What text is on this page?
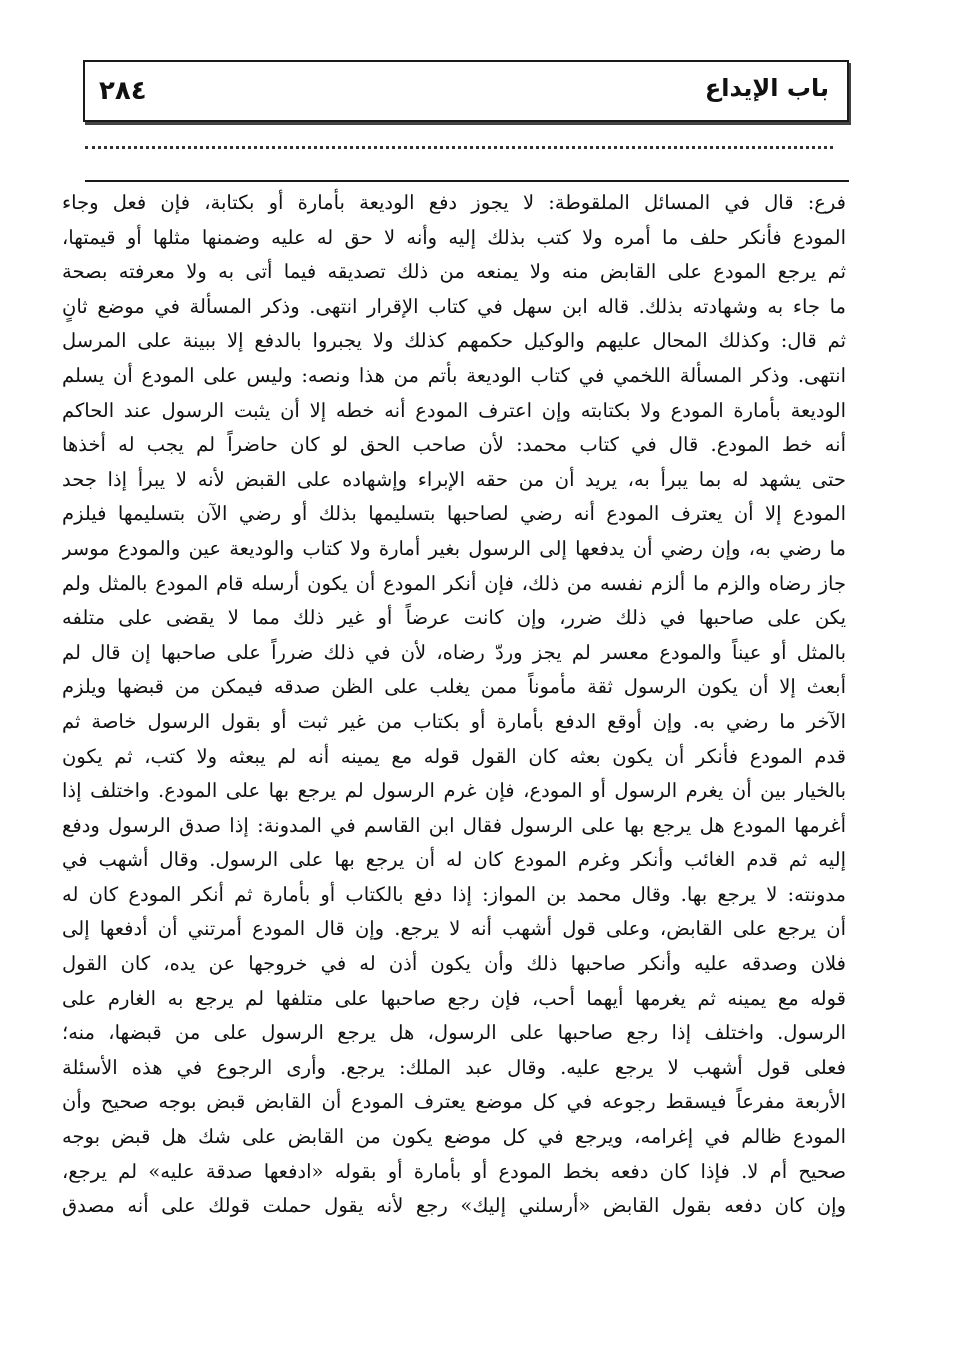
٢٨٤	باب الإيداع
فرع: قال في المسائل الملقوطة: لا يجوز دفع الوديعة بأمارة أو بكتابة، فإن فعل وجاء
المودع فأنكر حلف ما أمره ولا كتب بذلك إليه وأنه لا حق له عليه وضمنها مثلها أو قيمتها،
ثم يرجع المودع على القابض منه ولا يمنعه من ذلك تصديقه فيما أتى به ولا معرفته بصحة
ما جاء به وشهادته بذلك. قاله ابن سهل في كتاب الإقرار انتهى. وذكر المسألة في موضع ثانٍ
ثم قال: وكذلك المحال عليهم والوكيل حكمهم كذلك ولا يجبروا بالدفع إلا ببينة على المرسل
انتهى. وذكر المسألة اللخمي في كتاب الوديعة بأتم من هذا ونصه: وليس على المودع أن يسلم
الوديعة بأمارة المودع ولا بكتابته وإن اعترف المودع أنه خطه إلا أن يثبت الرسول عند الحاكم
أنه خط المودع. قال في كتاب محمد: لأن صاحب الحق لو كان حاضراً لم يجب له أخذها
حتى يشهد له بما يبرأ به، يريد أن من حقه الإبراء وإشهاده على القبض لأنه لا يبرأ إذا جحد
المودع إلا أن يعترف المودع أنه رضي لصاحبها بتسليمها بذلك أو رضي الآن بتسليمها فيلزم
ما رضي به، وإن رضي أن يدفعها إلى الرسول بغير أمارة ولا كتاب والوديعة عين والمودع موسر
جاز رضاه والزم ما ألزم نفسه من ذلك، فإن أنكر المودع أن يكون أرسله قام المودع بالمثل ولم
يكن على صاحبها في ذلك ضرر، وإن كانت عرضاً أو غير ذلك مما لا يقضى على متلفه
بالمثل أو عيناً والمودع معسر لم يجز وردّ رضاه، لأن في ذلك ضرراً على صاحبها إن قال لم
أبعث إلا أن يكون الرسول ثقة مأموناً ممن يغلب على الظن صدقه فيمكن من قبضها ويلزم
الآخر ما رضي به. وإن أوقع الدفع بأمارة أو بكتاب من غير ثبت أو بقول الرسول خاصة ثم
قدم المودع فأنكر أن يكون بعثه كان القول قوله مع يمينه أنه لم يبعثه ولا كتب، ثم يكون
بالخيار بين أن يغرم الرسول أو المودع، فإن غرم الرسول لم يرجع بها على المودع. واختلف إذا
أغرمها المودع هل يرجع بها على الرسول فقال ابن القاسم في المدونة: إذا صدق الرسول ودفع
إليه ثم قدم الغائب وأنكر وغرم المودع كان له أن يرجع بها على الرسول. وقال أشهب في
مدونته: لا يرجع بها. وقال محمد بن المواز: إذا دفع بالكتاب أو بأمارة ثم أنكر المودع كان له
أن يرجع على القابض، وعلى قول أشهب أنه لا يرجع. وإن قال المودع أمرتني أن أدفعها إلى
فلان وصدقه عليه وأنكر صاحبها ذلك وأن يكون أذن له في خروجها عن يده، كان القول
قوله مع يمينه ثم يغرمها أيهما أحب، فإن رجع صاحبها على متلفها لم يرجع به الغارم على
الرسول. واختلف إذا رجع صاحبها على الرسول، هل يرجع الرسول على من قبضها، منه؛
فعلى قول أشهب لا يرجع عليه. وقال عبد الملك: يرجع. وأرى الرجوع في هذه الأسئلة
الأربعة مفرعاً فيسقط رجوعه في كل موضع يعترف المودع أن القابض قبض بوجه صحيح وأن
المودع ظالم في إغرامه، ويرجع في كل موضع يكون من القابض على شك هل قبض بوجه
صحيح أم لا. فإذا كان دفعه بخط المودع أو بأمارة أو بقوله «ادفعها صدقة عليه» لم يرجع،
وإن كان دفعه بقول القابض «أرسلني إليك» رجع لأنه يقول حملت قولك على أنه مصدق
